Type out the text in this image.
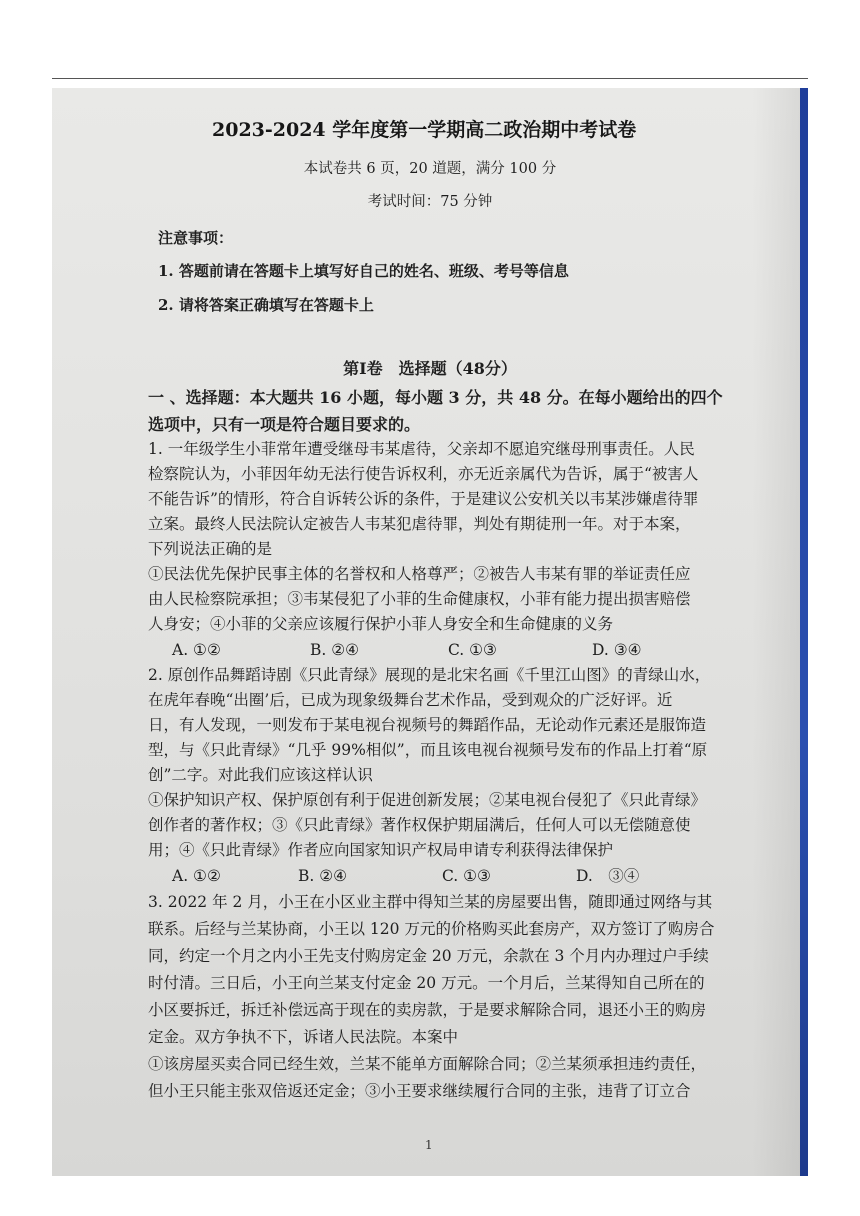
2023-2024 学年度第一学期高二政治期中考试卷
本试卷共 6 页，20 道题，满分 100 分
考试时间：75 分钟
注意事项：
1. 答题前请在答题卡上填写好自己的姓名、班级、考号等信息
2. 请将答案正确填写在答题卡上
第Ⅰ卷　选择题（48分）
一 、选择题：本大题共 16 小题，每小题 3 分，共 48 分。在每小题给出的四个
选项中，只有一项是符合题目要求的。
1. 一年级学生小菲常年遭受继母韦某虐待，父亲却不愿追究继母刑事责任。人民
检察院认为，小菲因年幼无法行使告诉权利，亦无近亲属代为告诉，属于“被害人
不能告诉”的情形，符合自诉转公诉的条件，于是建议公安机关以韦某涉嫌虐待罪
立案。最终人民法院认定被告人韦某犯虐待罪，判处有期徒刑一年。对于本案，
下列说法正确的是
①民法优先保护民事主体的名誉权和人格尊严；②被告人韦某有罪的举证责任应
由人民检察院承担；③韦某侵犯了小菲的生命健康权，小菲有能力提出损害赔偿
人身安；④小菲的父亲应该履行保护小菲人身安全和生命健康的义务
A. ①②	B. ②④	C. ①③	D. ③④
2. 原创作品舞蹈诗剧《只此青绿》展现的是北宋名画《千里江山图》的青绿山水，
在虎年春晚“出圈’后，已成为现象级舞台艺术作品，受到观众的广泛好评。近
日，有人发现，一则发布于某电视台视频号的舞蹈作品，无论动作元素还是服饰造
型，与《只此青绿》“几乎 99%相似”，而且该电视台视频号发布的作品上打着“原
创”二字。对此我们应该这样认识
①保护知识产权、保护原创有利于促进创新发展；②某电视台侵犯了《只此青绿》
创作者的著作权；③《只此青绿》著作权保护期届满后，任何人可以无偿随意使
用；④《只此青绿》作者应向国家知识产权局申请专利获得法律保护
A. ①②	B. ②④	C. ①③	D.　③④
3. 2022 年 2 月，小王在小区业主群中得知兰某的房屋要出售，随即通过网络与其
联系。后经与兰某协商，小王以 120 万元的价格购买此套房产，双方签订了购房合
同，约定一个月之内小王先支付购房定金 20 万元，余款在 3 个月内办理过户手续
时付清。三日后，小王向兰某支付定金 20 万元。一个月后，兰某得知自己所在的
小区要拆迁，拆迁补偿远高于现在的卖房款，于是要求解除合同，退还小王的购房
定金。双方争执不下，诉诸人民法院。本案中
①该房屋买卖合同已经生效，兰某不能单方面解除合同；②兰某须承担违约责任，
但小王只能主张双倍返还定金；③小王要求继续履行合同的主张，违背了订立合
1
